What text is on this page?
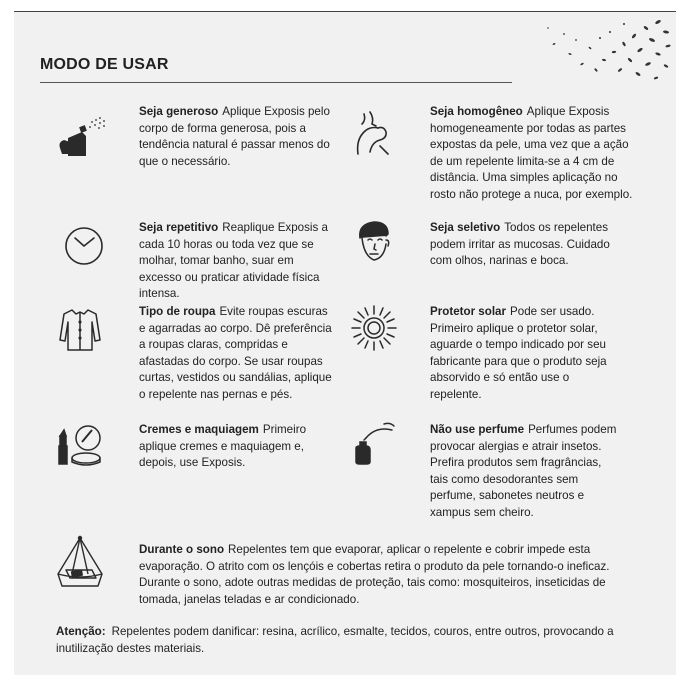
MODO DE USAR
Seja generoso Aplique Exposis pelo corpo de forma generosa, pois a tendência natural é passar menos do que o necessário.
Seja homogêneo Aplique Exposis homogeneamente por todas as partes expostas da pele, uma vez que a ação de um repelente limita-se a 4 cm de distância. Uma simples aplicação no rosto não protege a nuca, por exemplo.
Seja repetitivo Reaplique Exposis a cada 10 horas ou toda vez que se molhar, tomar banho, suar em excesso ou praticar atividade física intensa.
Seja seletivo Todos os repelentes podem irritar as mucosas. Cuidado com olhos, narinas e boca.
Tipo de roupa Evite roupas escuras e agarradas ao corpo. Dê preferência a roupas claras, compridas e afastadas do corpo. Se usar roupas curtas, vestidos ou sandálias, aplique o repelente nas pernas e pés.
Protetor solar Pode ser usado. Primeiro aplique o protetor solar, aguarde o tempo indicado por seu fabricante para que o produto seja absorvido e só então use o repelente.
Cremes e maquiagem Primeiro aplique cremes e maquiagem e, depois, use Exposis.
Não use perfume Perfumes podem provocar alergias e atrair insetos. Prefira produtos sem fragrâncias, tais como desodorantes sem perfume, sabonetes neutros e xampus sem cheiro.
Durante o sono Repelentes tem que evaporar, aplicar o repelente e cobrir impede esta evaporação. O atrito com os lençóis e cobertas retira o produto da pele tornando-o ineficaz. Durante o sono, adote outras medidas de proteção, tais como: mosquiteiros, inseticidas de tomada, janelas teladas e ar condicionado.
Atenção: Repelentes podem danificar: resina, acrílico, esmalte, tecidos, couros, entre outros, provocando a inutilização destes materiais.
